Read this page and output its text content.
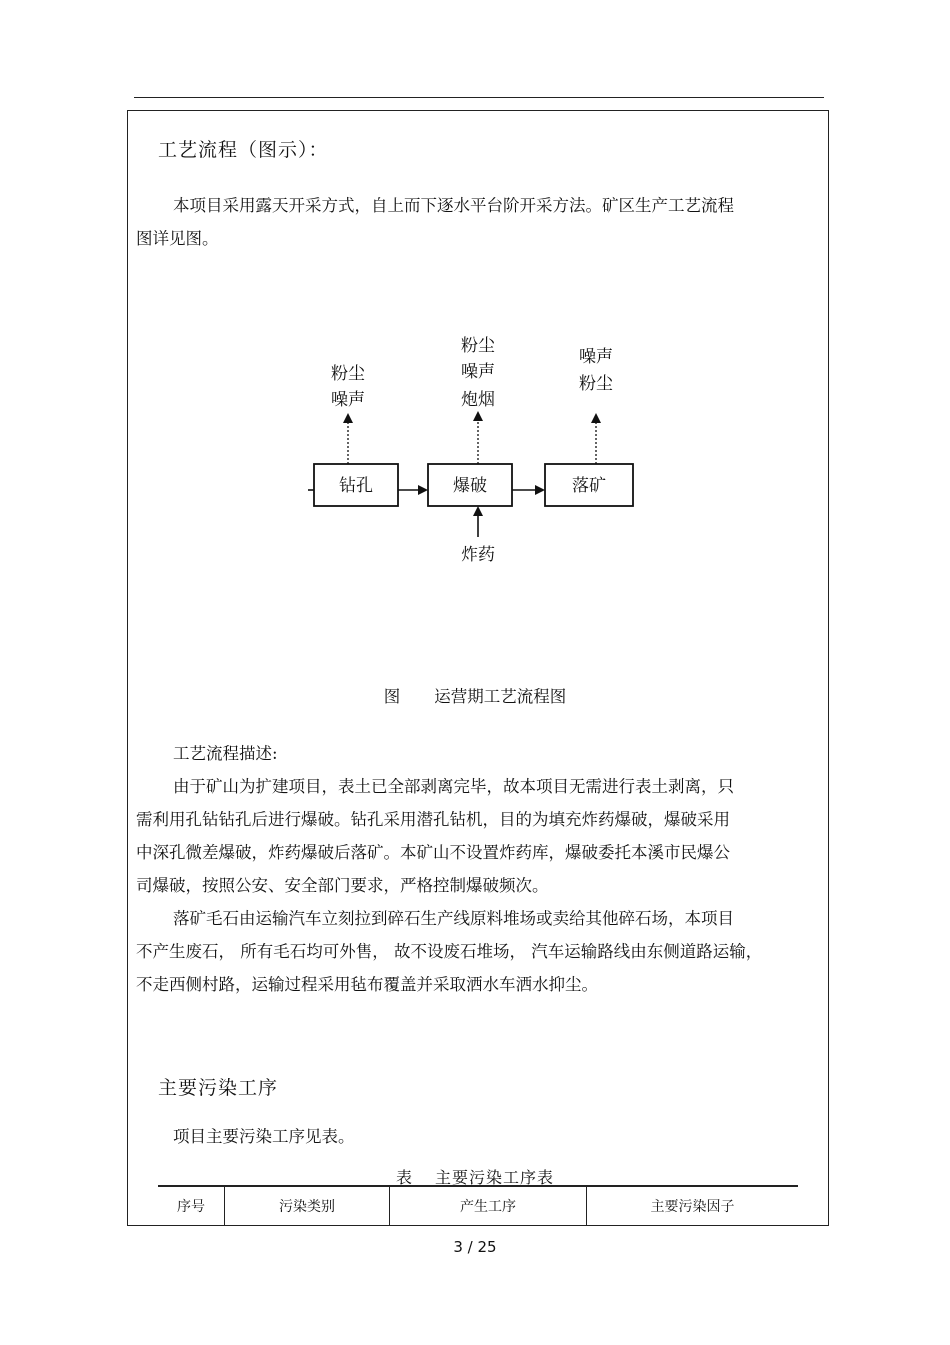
工艺流程（图示）：
本项目采用露天开采方式，自上而下逐水平台阶开采方法。矿区生产工艺流程
图详见图。
钻孔	爆破	落矿
粉尘
噪声
粉尘
噪声
炮烟
噪声
粉尘
炸药
图 运营期工艺流程图
工艺流程描述:
由于矿山为扩建项目，表土已全部剥离完毕，故本项目无需进行表土剥离，只
需利用孔钻钻孔后进行爆破。钻孔采用潜孔钻机，目的为填充炸药爆破，爆破采用
中深孔微差爆破，炸药爆破后落矿。本矿山不设置炸药库，爆破委托本溪市民爆公
司爆破，按照公安、安全部门要求，严格控制爆破频次。
落矿毛石由运输汽车立刻拉到碎石生产线原料堆场或卖给其他碎石场，本项目
不产生废石， 所有毛石均可外售， 故不设废石堆场， 汽车运输路线由东侧道路运输，
不走西侧村路，运输过程采用毡布覆盖并采取洒水车洒水抑尘。
主要污染工序
项目主要污染工序见表。
表 主要污染工序表
序号	污染类别	产生工序	主要污染因子
3 / 25
